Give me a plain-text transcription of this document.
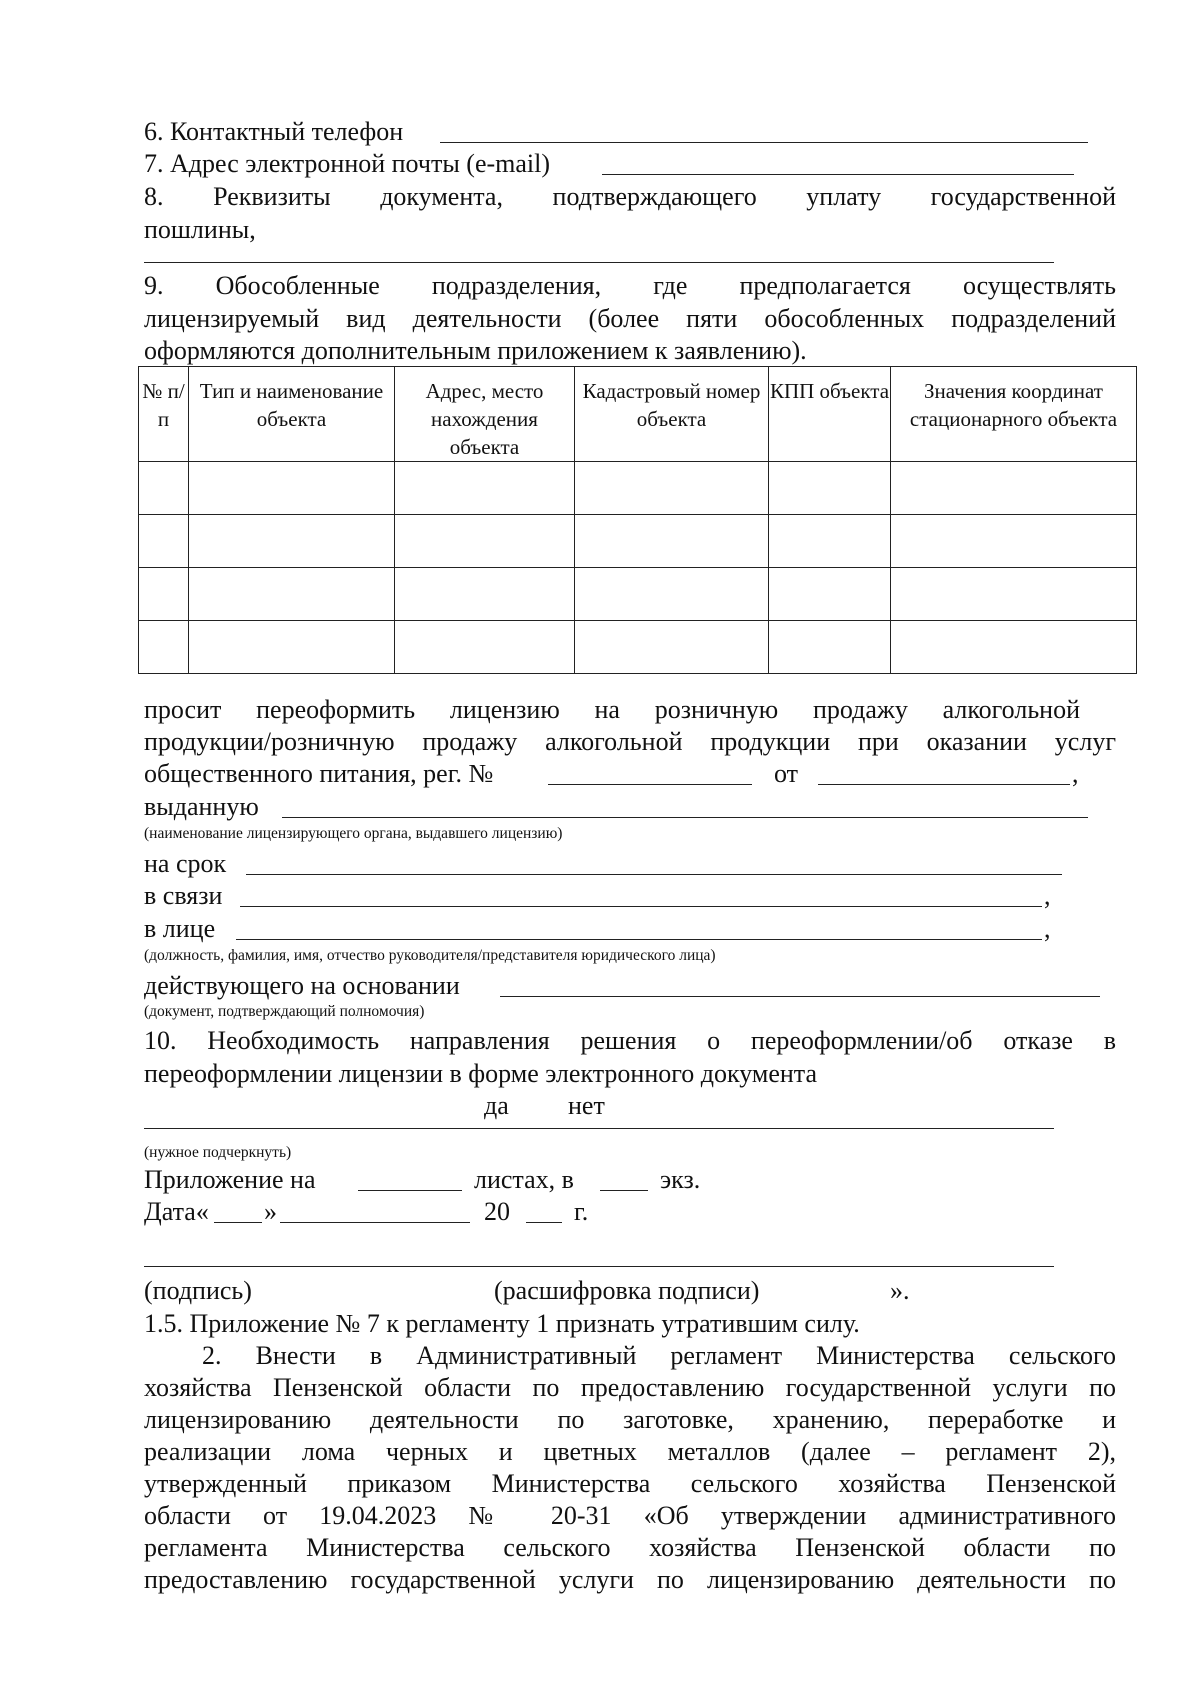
6. Контактный телефон
7. Адрес электронной почты (e-mail)
8. Реквизиты документа, подтверждающего уплату государственной
пошлины,
9. Обособленные подразделения, где предполагается осуществлять
лицензируемый вид деятельности (более пяти обособленных подразделений
оформляются дополнительным приложением к заявлению).
№ п/п	Тип и наименование объекта	Адрес, место нахождения объекта	Кадастровый номер объекта	КПП объекта	Значения координат стационарного объекта

просит переоформить лицензию на розничную продажу алкогольной
продукции/розничную продажу алкогольной продукции при оказании услуг
общественного питания, рег. №	от	,
выданную
(наименование лицензирующего органа, выдавшего лицензию)
на срок
в связи	,
в лице	,
(должность, фамилия, имя, отчество руководителя/представителя юридического лица)
действующего на основании
(документ, подтверждающий полномочия)
10. Необходимость направления решения о переоформлении/об отказе в
переоформлении лицензии в форме электронного документа
да нет
(нужное подчеркнуть)
Приложение на	листах, в	экз.
Дата« »	20 г.
(подпись)	(расшифровка подписи)	».
1.5. Приложение № 7 к регламенту 1 признать утратившим силу.
2. Внести в Административный регламент Министерства сельского
хозяйства Пензенской области по предоставлению государственной услуги по
лицензированию деятельности по заготовке, хранению, переработке и
реализации лома черных и цветных металлов (далее – регламент 2),
утвержденный приказом Министерства сельского хозяйства Пензенской
области от 19.04.2023 № 20-31 «Об утверждении административного
регламента Министерства сельского хозяйства Пензенской области по
предоставлению государственной услуги по лицензированию деятельности по
